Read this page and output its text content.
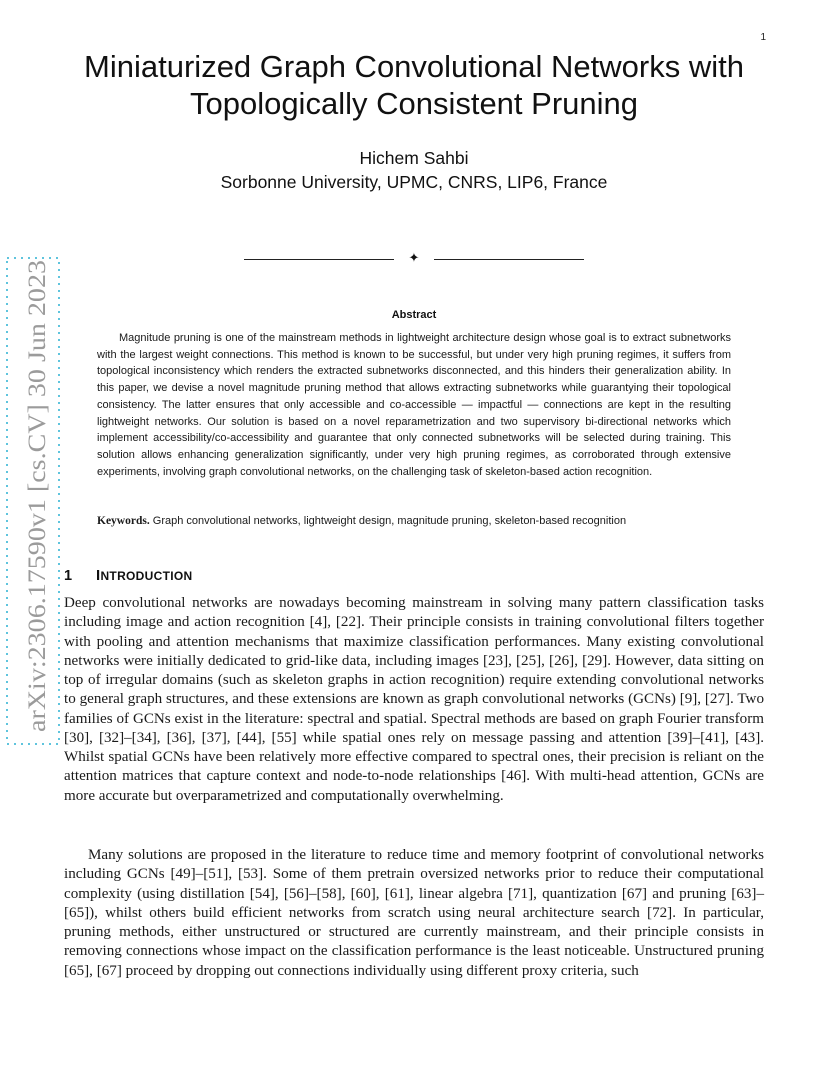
1
arXiv:2306.17590v1 [cs.CV] 30 Jun 2023
Miniaturized Graph Convolutional Networks with Topologically Consistent Pruning
Hichem Sahbi
Sorbonne University, UPMC, CNRS, LIP6, France
✦
Abstract

Magnitude pruning is one of the mainstream methods in lightweight architecture design whose goal is to extract subnetworks with the largest weight connections. This method is known to be successful, but under very high pruning regimes, it suffers from topological inconsistency which renders the extracted subnetworks disconnected, and this hinders their generalization ability. In this paper, we devise a novel magnitude pruning method that allows extracting subnetworks while guarantying their topological consistency. The latter ensures that only accessible and co-accessible — impactful — connections are kept in the resulting lightweight networks. Our solution is based on a novel reparametrization and two supervisory bi-directional networks which implement accessibility/co-accessibility and guarantee that only connected subnetworks will be selected during training. This solution allows enhancing generalization significantly, under very high pruning regimes, as corroborated through extensive experiments, involving graph convolutional networks, on the challenging task of skeleton-based action recognition.

Keywords. Graph convolutional networks, lightweight design, magnitude pruning, skeleton-based recognition
1 INTRODUCTION

Deep convolutional networks are nowadays becoming mainstream in solving many pattern classification tasks including image and action recognition [4], [22]. Their principle consists in training convolutional filters together with pooling and attention mechanisms that maximize classification performances. Many existing convolutional networks were initially dedicated to grid-like data, including images [23], [25], [26], [29]. However, data sitting on top of irregular domains (such as skeleton graphs in action recognition) require extending convolutional networks to general graph structures, and these extensions are known as graph convolutional networks (GCNs) [9], [27]. Two families of GCNs exist in the literature: spectral and spatial. Spectral methods are based on graph Fourier transform [30], [32]–[34], [36], [37], [44], [55] while spatial ones rely on message passing and attention [39]–[41], [43]. Whilst spatial GCNs have been relatively more effective compared to spectral ones, their precision is reliant on the attention matrices that capture context and node-to-node relationships [46]. With multi-head attention, GCNs are more accurate but overparametrized and computationally overwhelming.

Many solutions are proposed in the literature to reduce time and memory footprint of convolutional networks including GCNs [49]–[51], [53]. Some of them pretrain oversized networks prior to reduce their computational complexity (using distillation [54], [56]–[58], [60], [61], linear algebra [71], quantization [67] and pruning [63]–[65]), whilst others build efficient networks from scratch using neural architecture search [72]. In particular, pruning methods, either unstructured or structured are currently mainstream, and their principle consists in removing connections whose impact on the classification performance is the least noticeable. Unstructured pruning [65], [67] proceed by dropping out connections individually using different proxy criteria, such
